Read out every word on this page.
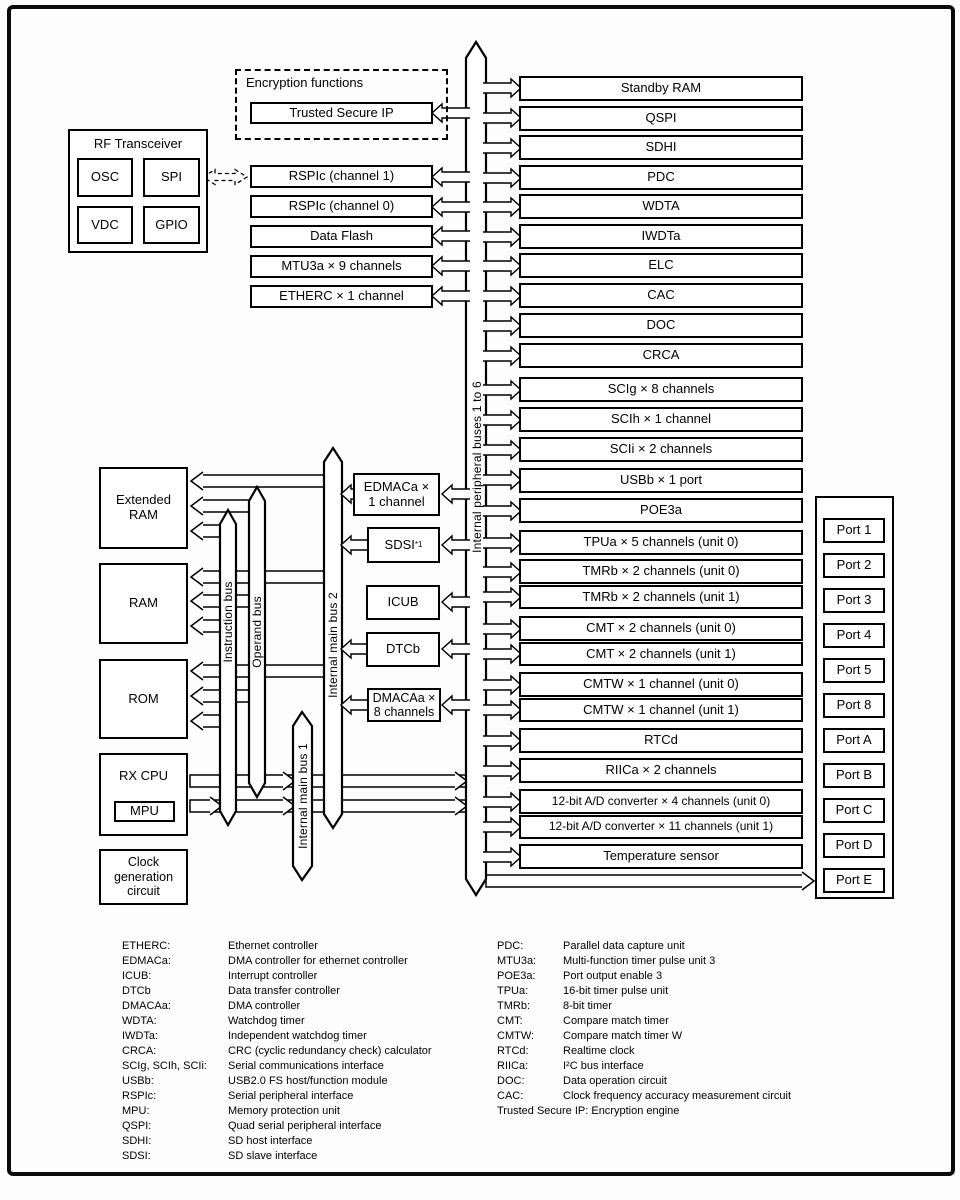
Encryption functions
Trusted Secure IP
RF Transceiver
OSC	SPI
VDC	GPIO
RSPIc (channel 1)
RSPIc (channel 0)
Data Flash
MTU3a × 9 channels
ETHERC × 1 channel
Extended RAM
RAM
ROM
RX CPU
MPU
Clock generation circuit
EDMACa ×
1 channel
SDSI *1
ICUB
DTCb
DMACAa ×
8 channels
Instruction bus Operand bus
Internal main bus 1
Internal main bus 2
Internal peripheral buses 1 to 6
Standby RAM
QSPI
SDHI
PDC
WDTA
IWDTa
ELC
CAC
DOC
CRCA
SCIg × 8 channels
SCIh × 1 channel
SCIi × 2 channels
USBb × 1 port
POE3a
TPUa × 5 channels (unit 0)
TMRb × 2 channels (unit 0)
TMRb × 2 channels (unit 1)
CMT × 2 channels (unit 0)
CMT × 2 channels (unit 1)
CMTW × 1 channel (unit 0)
CMTW × 1 channel (unit 1)
RTCd
RIICa × 2 channels
12-bit A/D converter × 4 channels (unit 0)
12-bit A/D converter × 11 channels (unit 1)
Temperature sensor
Port 1
Port 2
Port 3
Port 4
Port 5
Port 8
Port A
Port B
Port C
Port D
Port E
ETHERC:	Ethernet controller
EDMACa:	DMA controller for ethernet controller
ICUB:	Interrupt controller
DTCb	Data transfer controller
DMACAa:	DMA controller
WDTA:	Watchdog timer
IWDTa:	Independent watchdog timer
CRCA:	CRC (cyclic redundancy check) calculator
SCIg, SCIh, SCIi:	Serial communications interface
USBb:	USB2.0 FS host/function module
RSPIc:	Serial peripheral interface
MPU:	Memory protection unit
QSPI:	Quad serial peripheral interface
SDHI:	SD host interface
SDSI:	SD slave interface
PDC:	Parallel data capture unit
MTU3a:	Multi-function timer pulse unit 3
POE3a:	Port output enable 3
TPUa:	16-bit timer pulse unit
TMRb:	8-bit timer
CMT:	Compare match timer
CMTW:	Compare match timer W
RTCd:	Realtime clock
RIICa:	I²C bus interface
DOC:	Data operation circuit
CAC:	Clock frequency accuracy measurement circuit
Trusted Secure IP: Encryption engine
